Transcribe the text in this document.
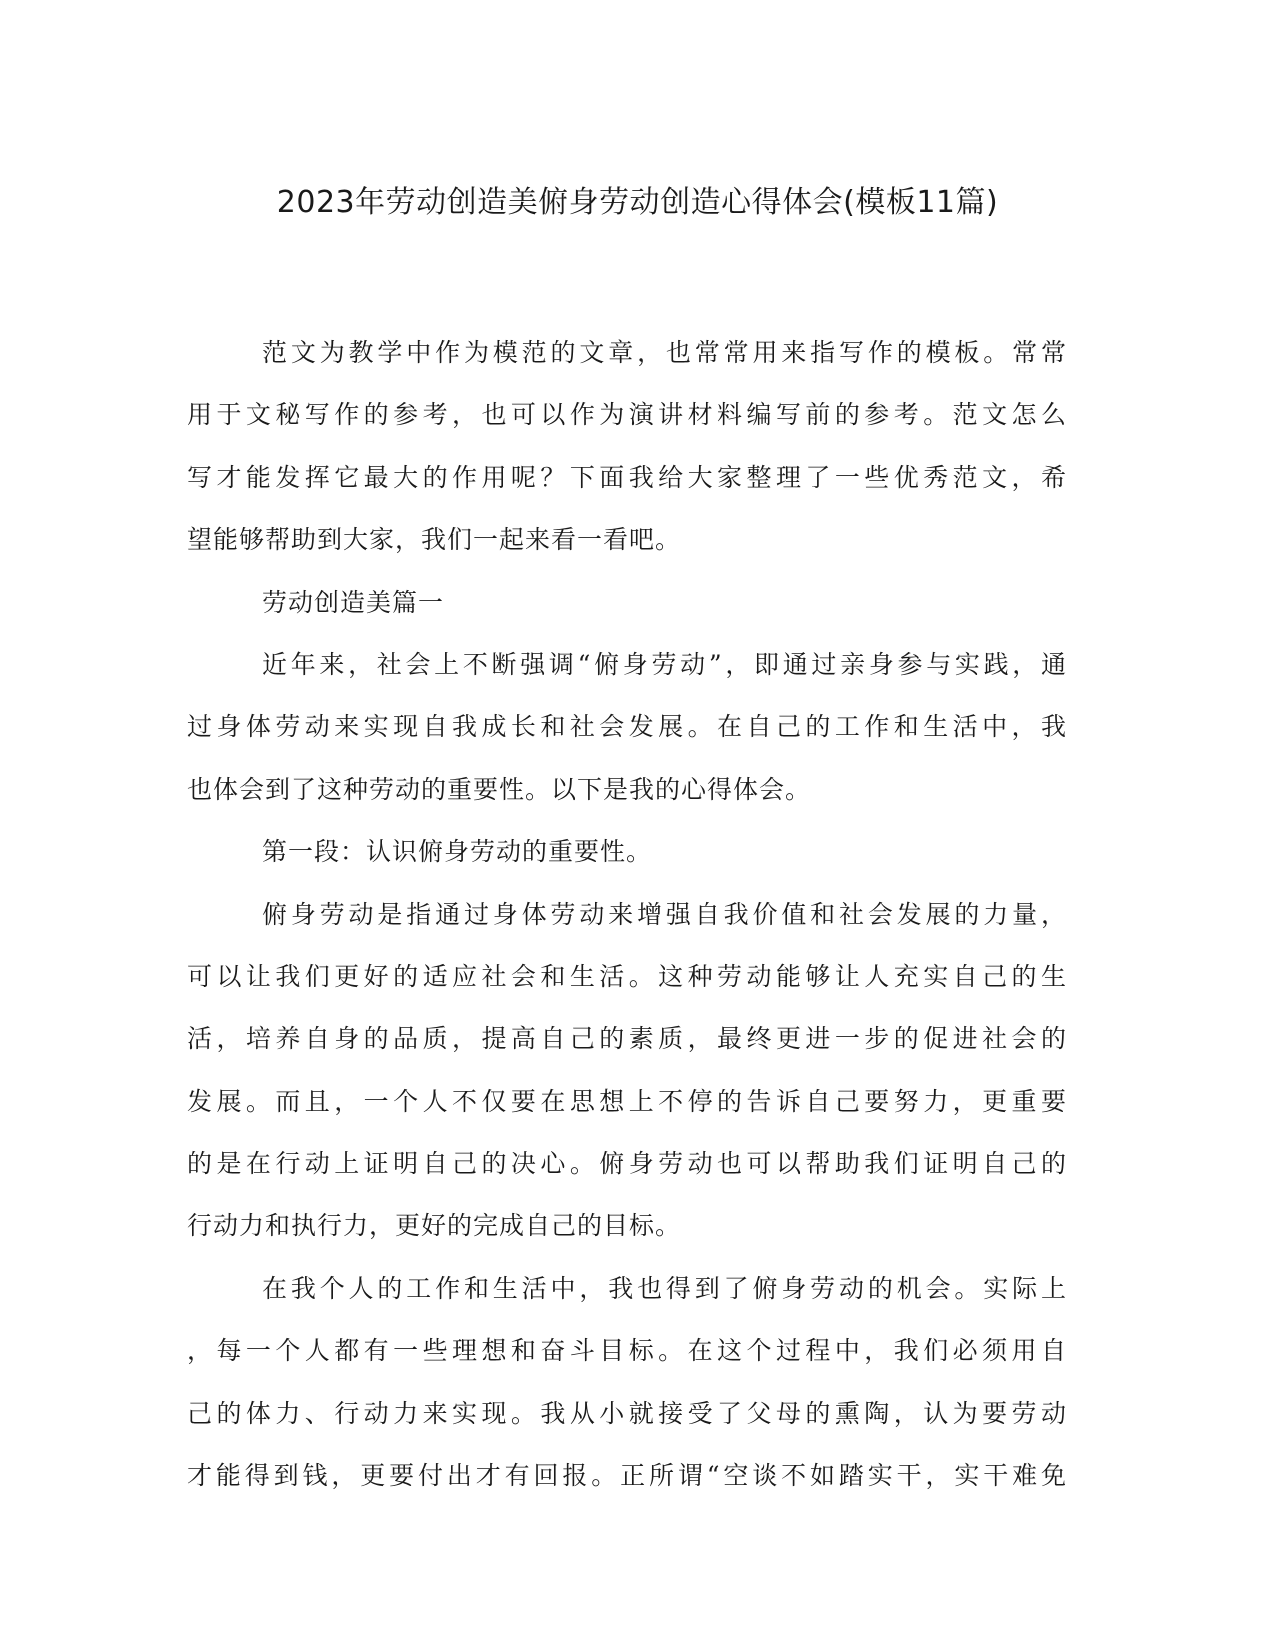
2023年劳动创造美俯身劳动创造心得体会(模板11篇)
范文为教学中作为模范的文章，也常常用来指写作的模板。常常
用于文秘写作的参考，也可以作为演讲材料编写前的参考。范文怎么
写才能发挥它最大的作用呢？下面我给大家整理了一些优秀范文，希
望能够帮助到大家，我们一起来看一看吧。
劳动创造美篇一
近年来，社会上不断强调“俯身劳动”，即通过亲身参与实践，通
过身体劳动来实现自我成长和社会发展。在自己的工作和生活中，我
也体会到了这种劳动的重要性。以下是我的心得体会。
第一段：认识俯身劳动的重要性。
俯身劳动是指通过身体劳动来增强自我价值和社会发展的力量，
可以让我们更好的适应社会和生活。这种劳动能够让人充实自己的生
活，培养自身的品质，提高自己的素质，最终更进一步的促进社会的
发展。而且，一个人不仅要在思想上不停的告诉自己要努力，更重要
的是在行动上证明自己的决心。俯身劳动也可以帮助我们证明自己的
行动力和执行力，更好的完成自己的目标。
在我个人的工作和生活中，我也得到了俯身劳动的机会。实际上
，每一个人都有一些理想和奋斗目标。在这个过程中，我们必须用自
己的体力、行动力来实现。我从小就接受了父母的熏陶，认为要劳动
才能得到钱，更要付出才有回报。正所谓“空谈不如踏实干，实干难免
